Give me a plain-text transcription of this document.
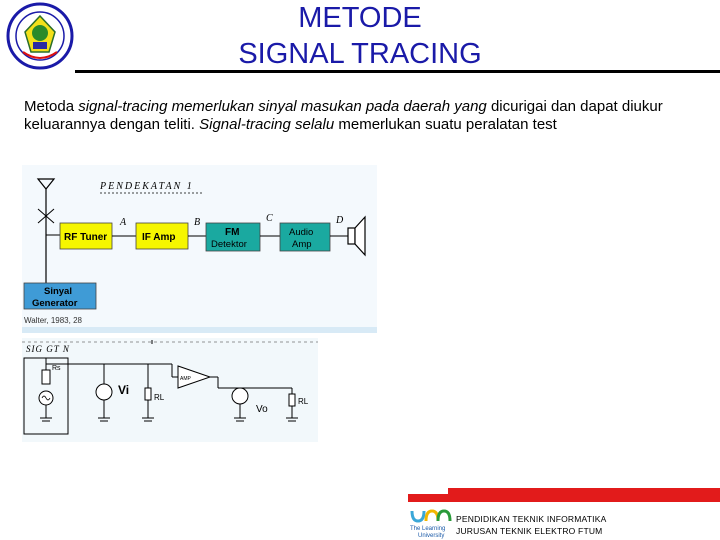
METODE
SIGNAL TRACING
Metoda signal-tracing memerlukan sinyal masukan pada daerah yang dicurigai dan dapat diukur keluarannya dengan teliti. Signal-tracing selalu memerlukan suatu peralatan test
PENDEKATAN 1
RF Tuner
A
IF Amp
B
FM
Detektor
C
Audio
Amp
D
Sinyal
Generator
Walter, 1983, 28
SIG GT N
Rs
Vi
RL
AMP
Vo
RL
The Learning
University
PENDIDIKAN TEKNIK INFORMATIKA
JURUSAN TEKNIK ELEKTRO FTUM
